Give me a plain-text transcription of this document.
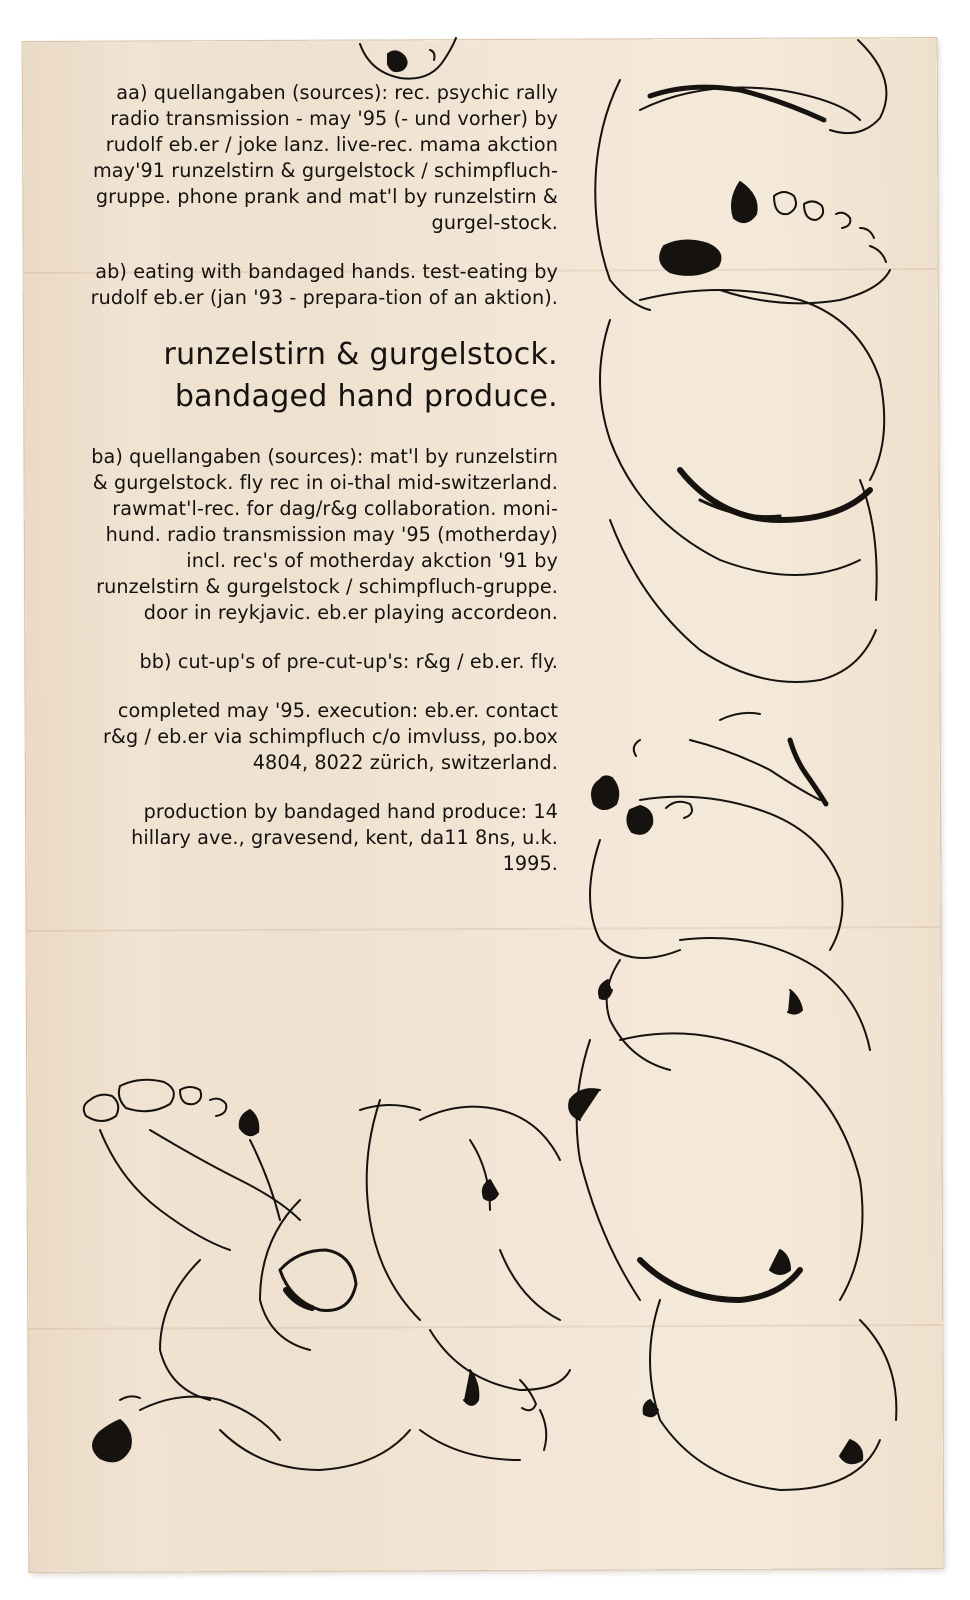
aa) quellangaben (sources): rec. psychic rally radio transmission - may '95 (- und vorher) by rudolf eb.er / joke lanz. live-rec. mama akction may'91 runzelstirn & gurgelstock / schimpfluch-gruppe. phone prank and mat'l by runzelstirn & gurgel-stock.

ab) eating with bandaged hands. test-eating by rudolf eb.er (jan '93 - prepara-tion of an aktion).

runzelstirn & gurgelstock.
bandaged hand produce.

ba) quellangaben (sources): mat'l by runzelstirn & gurgelstock. fly rec in oi-thal mid-switzerland. rawmat'l-rec. for dag/r&g collaboration. moni-hund. radio transmission may '95 (motherday) incl. rec's of motherday akction '91 by runzelstirn & gurgelstock / schimpfluch-gruppe. door in reykjavic. eb.er playing accordeon.

bb) cut-up's of pre-cut-up's: r&g / eb.er. fly.

completed may '95. execution: eb.er. contact r&g / eb.er via schimpfluch c/o imvluss, po.box 4804, 8022 zürich, switzerland.

production by bandaged hand produce: 14 hillary ave., gravesend, kent, da11 8ns, u.k. 1995.
